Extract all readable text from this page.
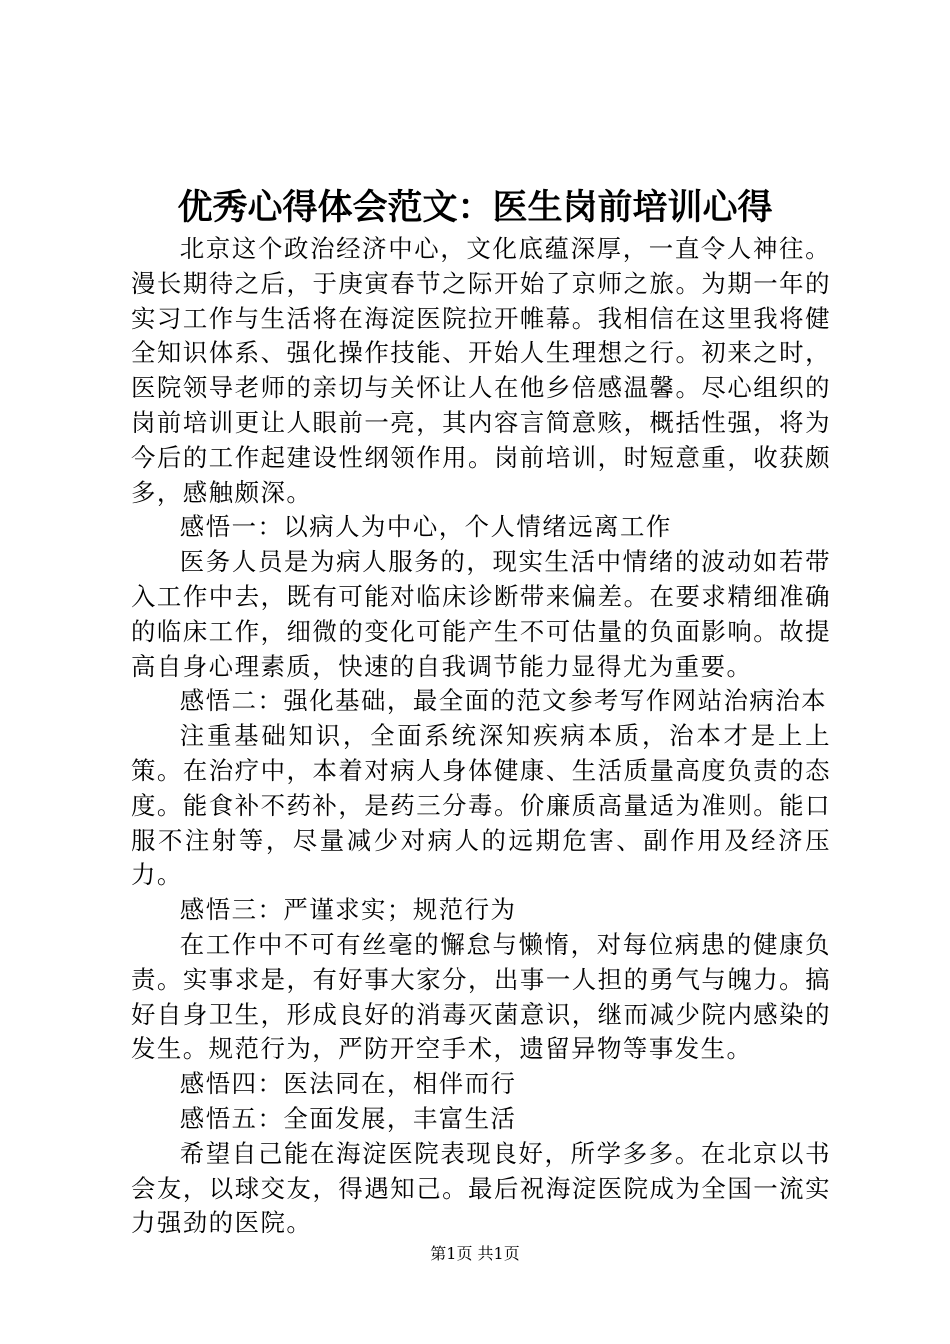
优秀心得体会范文：医生岗前培训心得

北京这个政治经济中心，文化底蕴深厚，一直令人神往。漫长期待之后，于庚寅春节之际开始了京师之旅。为期一年的实习工作与生活将在海淀医院拉开帷幕。我相信在这里我将健全知识体系、强化操作技能、开始人生理想之行。初来之时，医院领导老师的亲切与关怀让人在他乡倍感温馨。尽心组织的岗前培训更让人眼前一亮，其内容言简意赅，概括性强，将为今后的工作起建设性纲领作用。岗前培训，时短意重，收获颇多，感触颇深。

感悟一：以病人为中心，个人情绪远离工作

医务人员是为病人服务的，现实生活中情绪的波动如若带入工作中去，既有可能对临床诊断带来偏差。在要求精细准确的临床工作，细微的变化可能产生不可估量的负面影响。故提高自身心理素质，快速的自我调节能力显得尤为重要。

感悟二：强化基础，最全面的范文参考写作网站治病治本

注重基础知识，全面系统深知疾病本质，治本才是上上策。在治疗中，本着对病人身体健康、生活质量高度负责的态度。能食补不药补，是药三分毒。价廉质高量适为准则。能口服不注射等，尽量减少对病人的远期危害、副作用及经济压力。

感悟三：严谨求实；规范行为

在工作中不可有丝毫的懈怠与懒惰，对每位病患的健康负责。实事求是，有好事大家分，出事一人担的勇气与魄力。搞好自身卫生，形成良好的消毒灭菌意识，继而减少院内感染的发生。规范行为，严防开空手术，遗留异物等事发生。

感悟四：医法同在，相伴而行

感悟五：全面发展，丰富生活

希望自己能在海淀医院表现良好，所学多多。在北京以书会友，以球交友，得遇知己。最后祝海淀医院成为全国一流实力强劲的医院。

第1页 共1页
